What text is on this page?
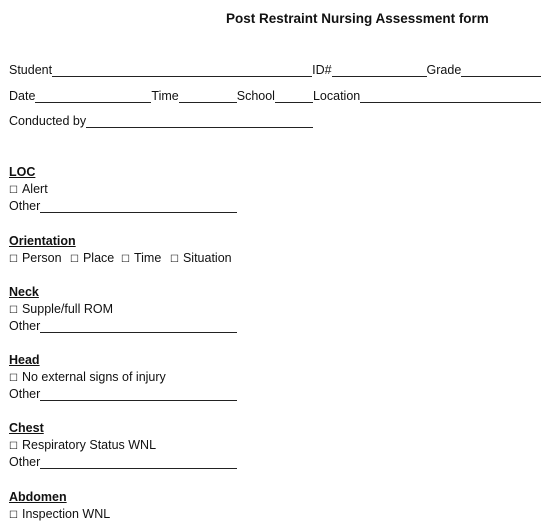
Post Restraint Nursing Assessment form
Student	ID#	Grade
Date	Time	School	Location
Conducted by
LOC
☐ Alert
Other
Orientation
☐ Person ☐ Place ☐ Time ☐ Situation
Neck
☐ Supple/full ROM
Other
Head
☐ No external signs of injury
Other
Chest
☐ Respiratory Status WNL
Other
Abdomen
☐ Inspection WNL
